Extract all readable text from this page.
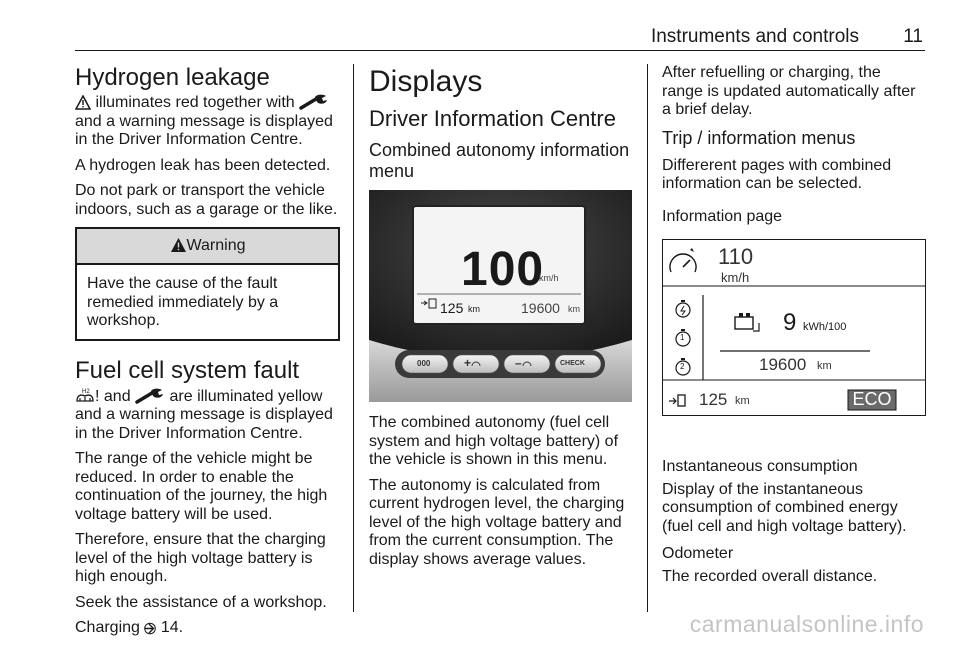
Instruments and controls 11
Hydrogen leakage

illuminates red together with
and a warning message is displayed in the Driver Information Centre.

A hydrogen leak has been detected.

Do not park or transport the vehicle indoors, such as a garage or the like.

Warning
Have the cause of the fault remedied immediately by a workshop.
Fuel cell system fault

H2 ! and are illuminated yellow and a warning message is displayed in the Driver Information Centre.

The range of the vehicle might be reduced. In order to enable the continuation of the journey, the high voltage battery will be used.

Therefore, ensure that the charging level of the high voltage battery is high enough.

Seek the assistance of a workshop.

Charging 14.

Displays
Driver Information Centre
Combined autonomy information menu
100
km/h
125 km	19600 km
000	+	–	CHECK

The combined autonomy (fuel cell system and high voltage battery) of the vehicle is shown in this menu.

The autonomy is calculated from current hydrogen level, the charging level of the high voltage battery and from the current consumption. The display shows average values.

After refuelling or charging, the range is updated automatically after a brief delay.

Trip / information menus

Differerent pages with combined information can be selected.

Information page
110
km/h
1
2
9 kWh/100
19600 km
125 km	ECO
Instantaneous consumption

Display of the instantaneous consumption of combined energy (fuel cell and high voltage battery).

Odometer

The recorded overall distance.

carmanualsonline.info
